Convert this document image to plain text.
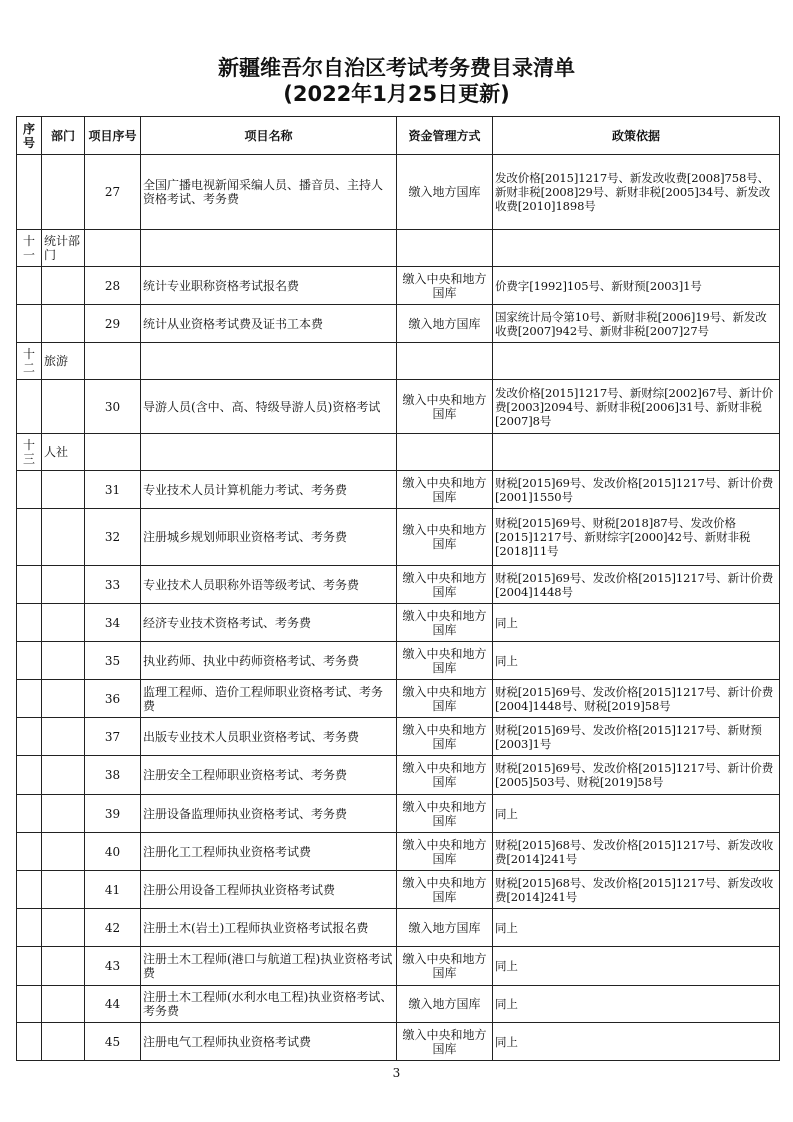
新疆维吾尔自治区考试考务费目录清单
(2022年1月25日更新)
序号	部门	项目序号	项目名称	资金管理方式	政策依据
		27	全国广播电视新闻采编人员、播音员、主持人资格考试、考务费	缴入地方国库	发改价格[2015]1217号、新发改收费[2008]758号、新财非税[2008]29号、新财非税[2005]34号、新发改收费[2010]1898号
十一	统计部门				
		28	统计专业职称资格考试报名费	缴入中央和地方国库	价费字[1992]105号、新财预[2003]1号
		29	统计从业资格考试费及证书工本费	缴入地方国库	国家统计局令第10号、新财非税[2006]19号、新发改收费[2007]942号、新财非税[2007]27号
十二	旅游				
		30	导游人员(含中、高、特级导游人员)资格考试	缴入中央和地方国库	发改价格[2015]1217号、新财综[2002]67号、新计价费[2003]2094号、新财非税[2006]31号、新财非税[2007]8号
十三	人社				
		31	专业技术人员计算机能力考试、考务费	缴入中央和地方国库	财税[2015]69号、发改价格[2015]1217号、新计价费[2001]1550号
		32	注册城乡规划师职业资格考试、考务费	缴入中央和地方国库	财税[2015]69号、财税[2018]87号、发改价格[2015]1217号、新财综字[2000]42号、新财非税[2018]11号
		33	专业技术人员职称外语等级考试、考务费	缴入中央和地方国库	财税[2015]69号、发改价格[2015]1217号、新计价费[2004]1448号
		34	经济专业技术资格考试、考务费	缴入中央和地方国库	同上
		35	执业药师、执业中药师资格考试、考务费	缴入中央和地方国库	同上
		36	监理工程师、造价工程师职业资格考试、考务费	缴入中央和地方国库	财税[2015]69号、发改价格[2015]1217号、新计价费[2004]1448号、财税[2019]58号
		37	出版专业技术人员职业资格考试、考务费	缴入中央和地方国库	财税[2015]69号、发改价格[2015]1217号、新财预[2003]1号
		38	注册安全工程师职业资格考试、考务费	缴入中央和地方国库	财税[2015]69号、发改价格[2015]1217号、新计价费[2005]503号、财税[2019]58号
		39	注册设备监理师执业资格考试、考务费	缴入中央和地方国库	同上
		40	注册化工工程师执业资格考试费	缴入中央和地方国库	财税[2015]68号、发改价格[2015]1217号、新发改收费[2014]241号
		41	注册公用设备工程师执业资格考试费	缴入中央和地方国库	财税[2015]68号、发改价格[2015]1217号、新发改收费[2014]241号
		42	注册土木(岩土)工程师执业资格考试报名费	缴入地方国库	同上
		43	注册土木工程师(港口与航道工程)执业资格考试费	缴入中央和地方国库	同上
		44	注册土木工程师(水利水电工程)执业资格考试、考务费	缴入地方国库	同上
		45	注册电气工程师执业资格考试费	缴入中央和地方国库	同上
3
